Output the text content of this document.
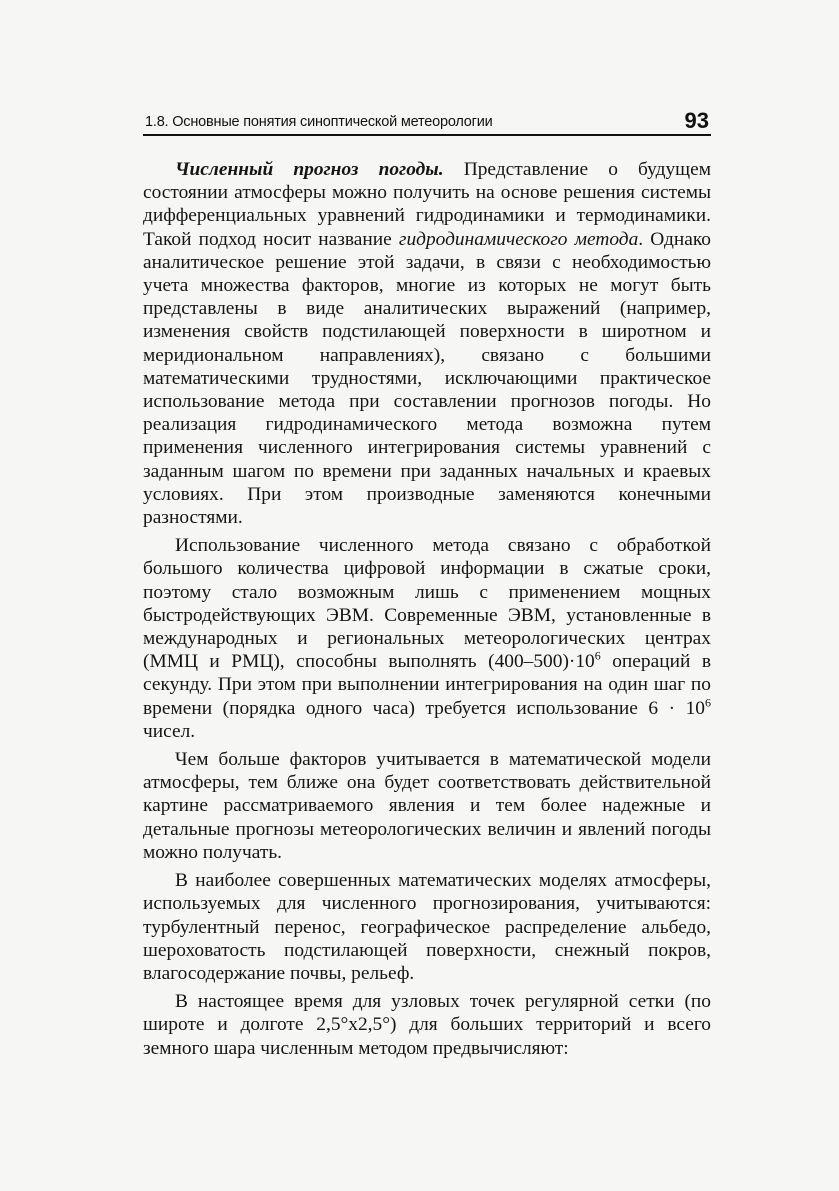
1.8. Основные понятия синоптической метеорологии	93

Численный прогноз погоды. Представление о будущем состоянии атмосферы можно получить на основе решения системы дифференциальных уравнений гидродинамики и термодинамики. Такой подход носит название гидродинамического метода. Однако аналитическое решение этой задачи, в связи с необходимостью учета множества факторов, многие из которых не могут быть представлены в виде аналитических выражений (например, изменения свойств подстилающей поверхности в широтном и меридиональном направлениях), связано с большими математическими трудностями, исключающими практическое использование метода при составлении прогнозов погоды. Но реализация гидродинамического метода возможна путем применения численного интегрирования системы уравнений с заданным шагом по времени при заданных начальных и краевых условиях. При этом производные заменяются конечными разностями.

Использование численного метода связано с обработкой большого количества цифровой информации в сжатые сроки, поэтому стало возможным лишь с применением мощных быстродействующих ЭВМ. Современные ЭВМ, установленные в международных и региональных метеорологических центрах (ММЦ и РМЦ), способны выполнять $(400-500)\cdot 10^6$ операций в секунду. При этом при выполнении интегрирования на один шаг по времени (порядка одного часа) требуется использование $6 \cdot 10^6$ чисел.

Чем больше факторов учитывается в математической модели атмосферы, тем ближе она будет соответствовать действительной картине рассматриваемого явления и тем более надежные и детальные прогнозы метеорологических величин и явлений погоды можно получать.

В наиболее совершенных математических моделях атмосферы, используемых для численного прогнозирования, учитываются: турбулентный перенос, географическое распределение альбедо, шероховатость подстилающей поверхности, снежный покров, влагосодержание почвы, рельеф.

В настоящее время для узловых точек регулярной сетки (по широте и долготе 2,5°х2,5°) для больших территорий и всего земного шара численным методом предвычисляют:
